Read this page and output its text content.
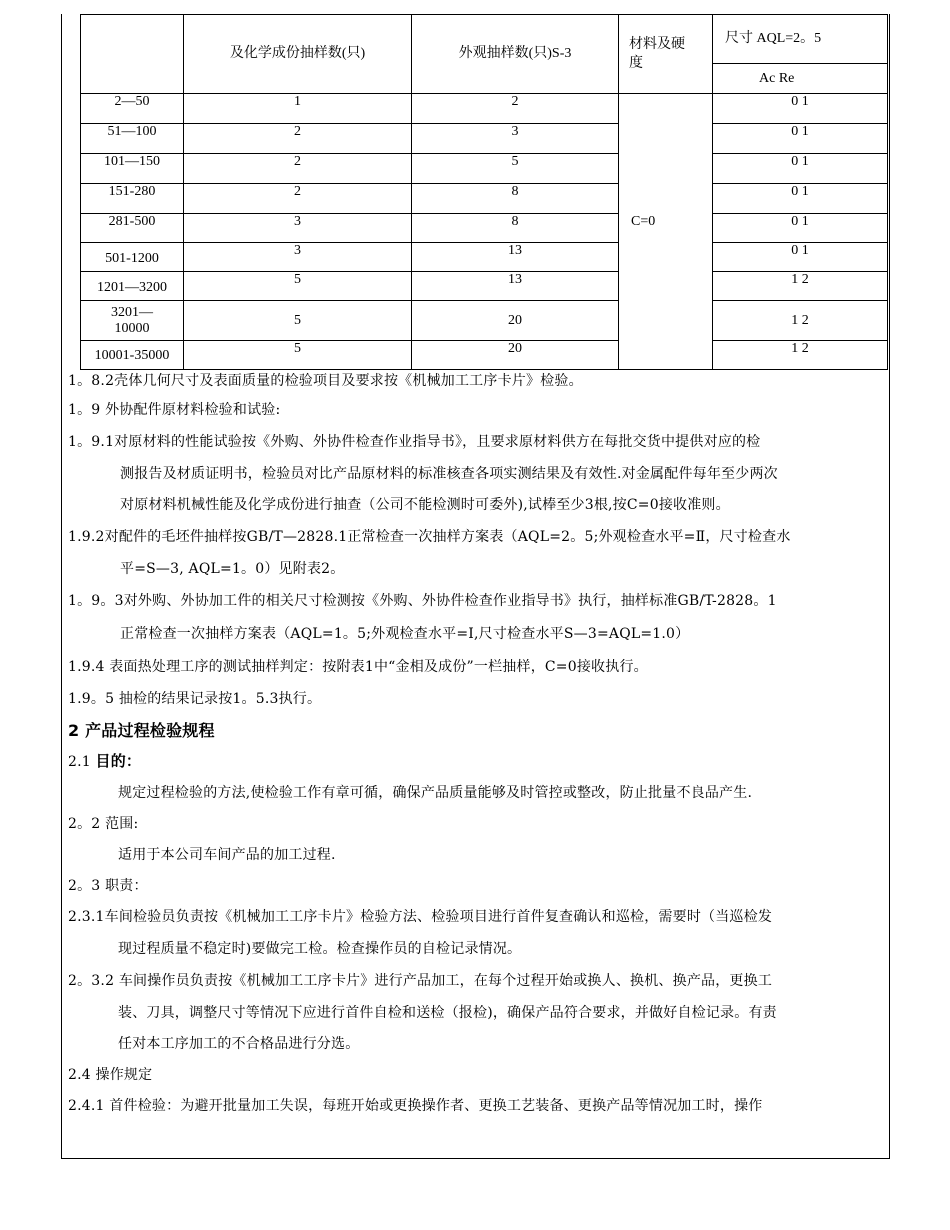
	及化学成份抽样数(只)	外观抽样数(只)S-3	材料及硬度	尺寸 AQL=2。5
				Ac Re
2—50	1	2	C=0	0 1
51—100	2	3		0 1
101—150	2	5		0 1
151-280	2	8		0 1
281-500	3	8		0 1
501-1200	3	13		0 1
1201—3200	5	13		1 2
3201—10000	5	20		1 2
10001-35000	5	20		1 2

1。8.2壳体几何尺寸及表面质量的检验项目及要求按《机械加工工序卡片》检验。

1。9 外协配件原材料检验和试验:

1。9.1对原材料的性能试验按《外购、外协件检查作业指导书》，且要求原材料供方在每批交货中提供对应的检

测报告及材质证明书，检验员对比产品原材料的标准核查各项实测结果及有效性.对金属配件每年至少两次

对原材料机械性能及化学成份进行抽查（公司不能检测时可委外),试棒至少3根,按C=0接收准则。

1.9.2对配件的毛坯件抽样按GB/T—2828.1正常检查一次抽样方案表（AQL=2。5;外观检查水平=Ⅱ，尺寸检查水

平=S—3, AQL=1。0）见附表2。

1。9。3对外购、外协加工件的相关尺寸检测按《外购、外协件检查作业指导书》执行，抽样标准GB/T-2828。1

正常检查一次抽样方案表（AQL=1。5;外观检查水平=Ⅰ,尺寸检查水平S—3=AQL=1.0）

1.9.4 表面热处理工序的测试抽样判定：按附表1中“金相及成份”一栏抽样，C=0接收执行。

1.9。5 抽检的结果记录按1。5.3执行。

2 产品过程检验规程

2.1 目的：

规定过程检验的方法,使检验工作有章可循，确保产品质量能够及时管控或整改，防止批量不良品产生.

2。2 范围:

适用于本公司车间产品的加工过程.

2。3 职责：

2.3.1车间检验员负责按《机械加工工序卡片》检验方法、检验项目进行首件复查确认和巡检，需要时（当巡检发

现过程质量不稳定时)要做完工检。检查操作员的自检记录情况。

2。3.2 车间操作员负责按《机械加工工序卡片》进行产品加工，在每个过程开始或换人、换机、换产品，更换工

装、刀具，调整尺寸等情况下应进行首件自检和送检（报检)，确保产品符合要求，并做好自检记录。有责

任对本工序加工的不合格品进行分选。

2.4 操作规定

2.4.1 首件检验：为避开批量加工失误，每班开始或更换操作者、更换工艺装备、更换产品等情况加工时，操作
